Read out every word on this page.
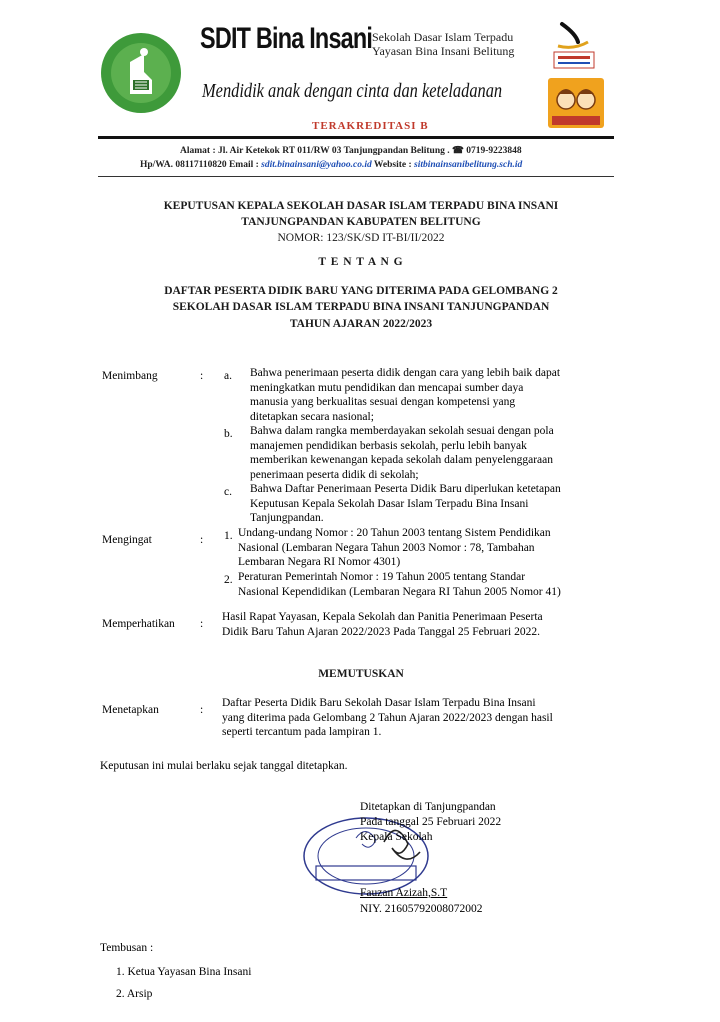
SDIT Bina Insani Sekolah Dasar Islam Terpadu
Yayasan Bina Insani Belitung
Mendidik anak dengan cinta dan keteladanan
TERAKREDITASI B
Alamat : Jl. Air Ketekok RT 011/RW 03 Tanjungpandan Belitung . ☎ 0719-9223848
Hp/WA. 08117110820 Email : sdit.binainsani@yahoo.co.id Website : sitbinainsanibelitung.sch.id
KEPUTUSAN KEPALA SEKOLAH DASAR ISLAM TERPADU BINA INSANI
TANJUNGPANDAN KABUPATEN BELITUNG
NOMOR: 123/SK/SD IT-BI/II/2022
T E N T A N G
DAFTAR PESERTA DIDIK BARU YANG DITERIMA PADA GELOMBANG 2
SEKOLAH DASAR ISLAM TERPADU BINA INSANI TANJUNGPANDAN
TAHUN AJARAN 2022/2023
Menimbang	: a. Bahwa penerimaan peserta didik dengan cara yang lebih baik dapat
meningkatkan mutu pendidikan dan mencapai sumber daya
manusia yang berkualitas sesuai dengan kompetensi yang
ditetapkan secara nasional;
b. Bahwa dalam rangka memberdayakan sekolah sesuai dengan pola
manajemen pendidikan berbasis sekolah, perlu lebih banyak
memberikan kewenangan kepada sekolah dalam penyelenggaraan
penerimaan peserta didik di sekolah;
c. Bahwa Daftar Penerimaan Peserta Didik Baru diperlukan ketetapan
Keputusan Kepala Sekolah Dasar Islam Terpadu Bina Insani
Tanjungpandan.
Mengingat	: 1. Undang-undang Nomor : 20 Tahun 2003 tentang Sistem Pendidikan
Nasional (Lembaran Negara Tahun 2003 Nomor : 78, Tambahan
Lembaran Negara RI Nomor 4301)
2. Peraturan Pemerintah Nomor : 19 Tahun 2005 tentang Standar
Nasional Kependidikan (Lembaran Negara RI Tahun 2005 Nomor 41)
Memperhatikan :
Hasil Rapat Yayasan, Kepala Sekolah dan Panitia Penerimaan Peserta
Didik Baru Tahun Ajaran 2022/2023 Pada Tanggal 25 Februari 2022.
MEMUTUSKAN
Menetapkan	:
Daftar Peserta Didik Baru Sekolah Dasar Islam Terpadu Bina Insani
yang diterima pada Gelombang 2 Tahun Ajaran 2022/2023 dengan hasil
seperti tercantum pada lampiran 1.
Keputusan ini mulai berlaku sejak tanggal ditetapkan.
Ditetapkan di Tanjungpandan
Pada tanggal 25 Februari 2022
Kepala Sekolah
Fauzan Azizah,S.T
NIY. 21605792008072002
Tembusan :
1. Ketua Yayasan Bina Insani
2. Arsip
